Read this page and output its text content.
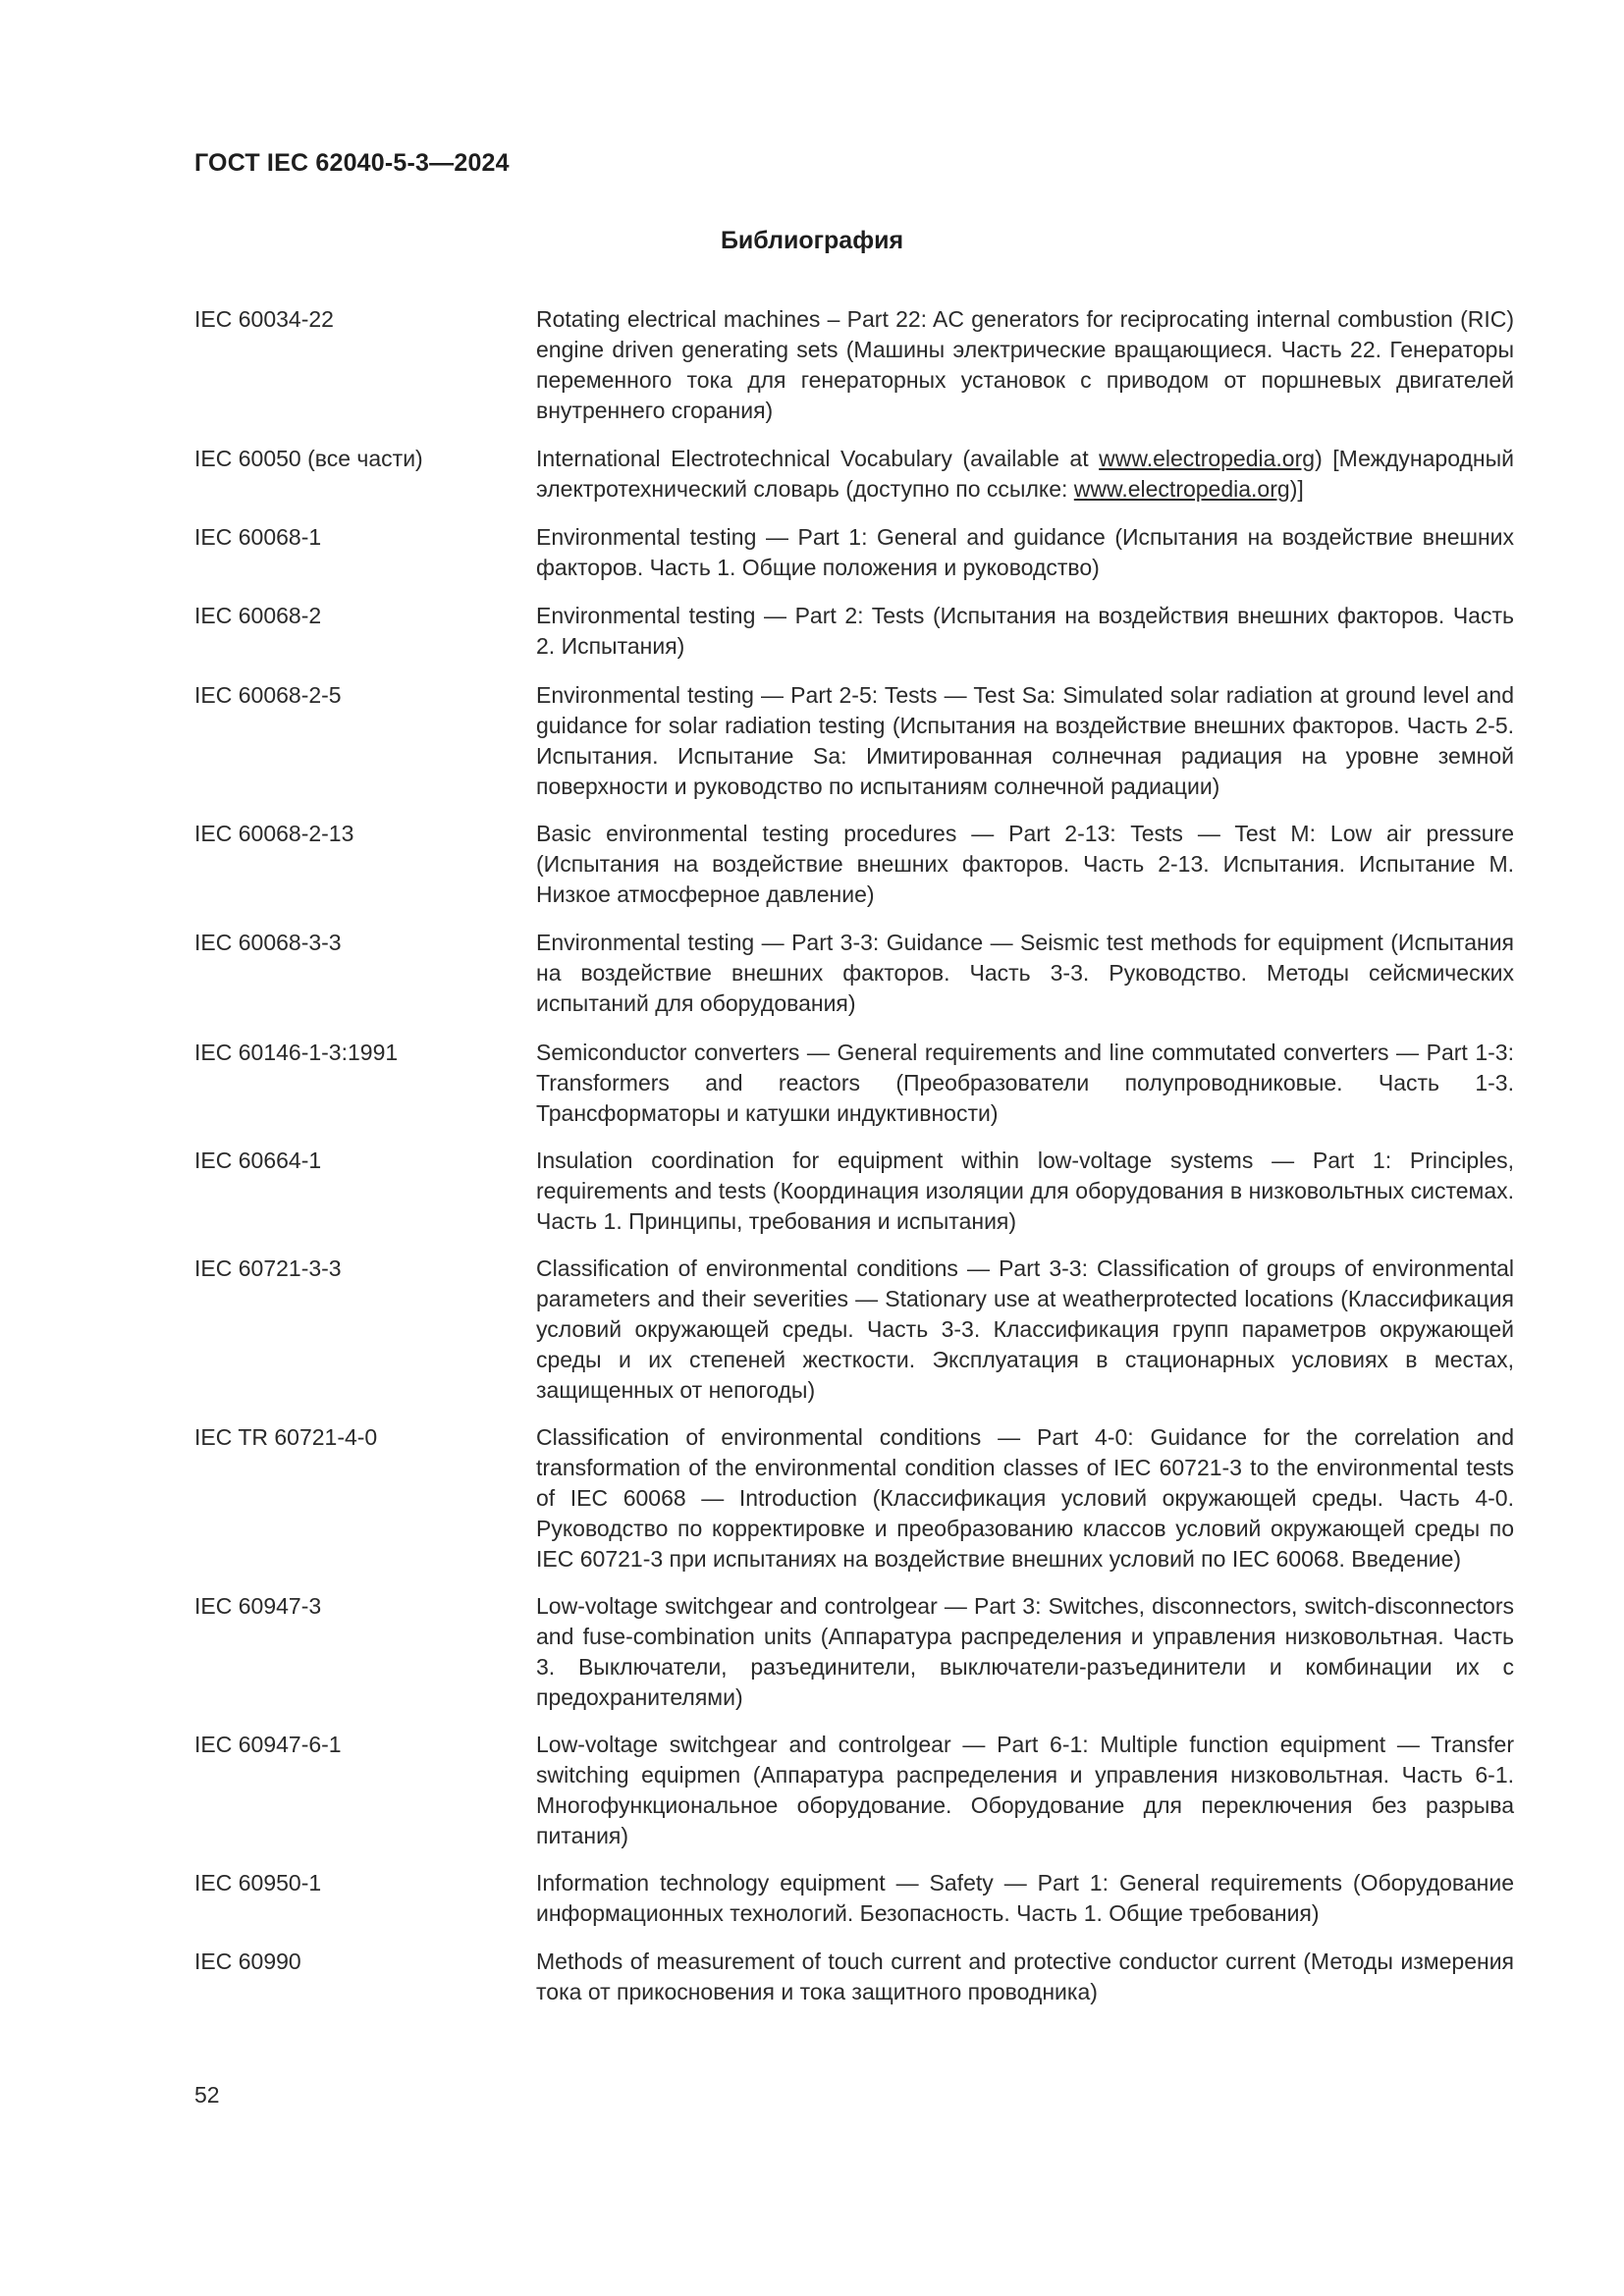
ГОСТ IEC 62040-5-3—2024
Библиография
IEC 60034-22	Rotating electrical machines – Part 22: AC generators for reciprocating internal combustion (RIC) engine driven generating sets (Машины электрические вращающиеся. Часть 22. Генераторы переменного тока для генераторных установок с приводом от поршневых двигателей внутреннего сгорания)
IEC 60050 (все части)	International Electrotechnical Vocabulary (available at www.electropedia.org) [Международный электротехнический словарь (доступно по ссылке: www.electropedia.org)]
IEC 60068-1	Environmental testing — Part 1: General and guidance (Испытания на воздействие внешних факторов. Часть 1. Общие положения и руководство)
IEC 60068-2	Environmental testing — Part 2: Tests (Испытания на воздействия внешних факторов. Часть 2. Испытания)
IEC 60068-2-5	Environmental testing — Part 2-5: Tests — Test Sa: Simulated solar radiation at ground level and guidance for solar radiation testing (Испытания на воздействие внешних факторов. Часть 2-5. Испытания. Испытание Sa: Имитированная солнечная радиация на уровне земной поверхности и руководство по испытаниям солнечной радиации)
IEC 60068-2-13	Basic environmental testing procedures — Part 2-13: Tests — Test M: Low air pressure (Испытания на воздействие внешних факторов. Часть 2-13. Испытания. Испытание M. Низкое атмосферное давление)
IEC 60068-3-3	Environmental testing — Part 3-3: Guidance — Seismic test methods for equipment (Испытания на воздействие внешних факторов. Часть 3-3. Руководство. Методы сейсмических испытаний для оборудования)
IEC 60146-1-3:1991	Semiconductor converters — General requirements and line commutated converters — Part 1-3: Transformers and reactors (Преобразователи полупроводниковые. Часть 1-3. Трансформаторы и катушки индуктивности)
IEC 60664-1	Insulation coordination for equipment within low-voltage systems — Part 1: Principles, requirements and tests (Координация изоляции для оборудования в низковольтных системах. Часть 1. Принципы, требования и испытания)
IEC 60721-3-3	Classification of environmental conditions — Part 3-3: Classification of groups of environmental parameters and their severities — Stationary use at weatherprotected locations (Классификация условий окружающей среды. Часть 3-3. Классификация групп параметров окружающей среды и их степеней жесткости. Эксплуатация в стационарных условиях в местах, защищенных от непогоды)
IEC TR 60721-4-0	Classification of environmental conditions — Part 4-0: Guidance for the correlation and transformation of the environmental condition classes of IEC 60721-3 to the environmental tests of IEC 60068 — Introduction (Классификация условий окружающей среды. Часть 4-0. Руководство по корректировке и преобразованию классов условий окружающей среды по IEC 60721-3 при испытаниях на воздействие внешних условий по IEC 60068. Введение)
IEC 60947-3	Low-voltage switchgear and controlgear — Part 3: Switches, disconnectors, switch-disconnectors and fuse-combination units (Аппаратура распределения и управления низковольтная. Часть 3. Выключатели, разъединители, выключатели-разъединители и комбинации их с предохранителями)
IEC 60947-6-1	Low-voltage switchgear and controlgear — Part 6-1: Multiple function equipment — Transfer switching equipmen (Аппаратура распределения и управления низковольтная. Часть 6-1. Многофункциональное оборудование. Оборудование для переключения без разрыва питания)
IEC 60950-1	Information technology equipment — Safety — Part 1: General requirements (Оборудование информационных технологий. Безопасность. Часть 1. Общие требования)
IEC 60990	Methods of measurement of touch current and protective conductor current (Методы измерения тока от прикосновения и тока защитного проводника)
52
